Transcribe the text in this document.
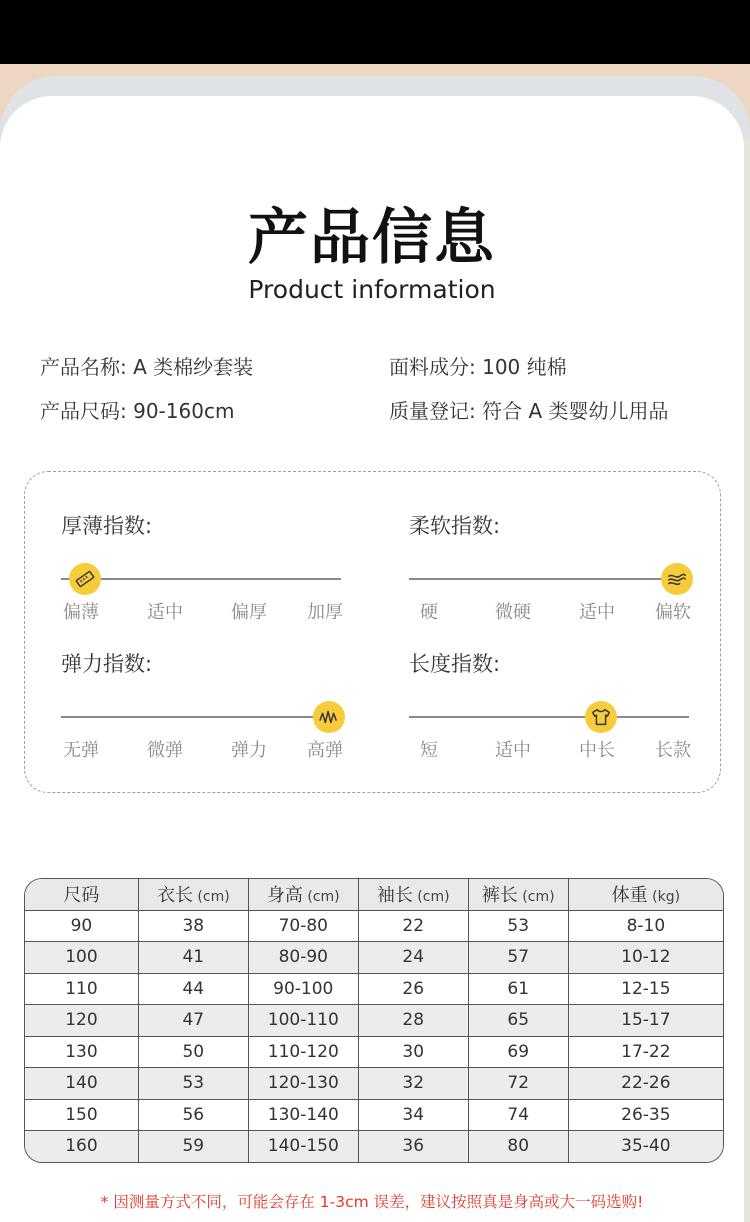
产品信息
Product information
产品名称: A 类棉纱套装	面料成分: 100 纯棉
产品尺码: 90-160cm	质量登记: 符合 A 类婴幼儿用品
厚薄指数:
偏薄	适中	偏厚	加厚
柔软指数:
硬	微硬	适中	偏软
弹力指数:
无弹	微弹	弹力	高弹
长度指数:
短	适中	中长	长款
尺码	衣长 (cm)	身高 (cm)	袖长 (cm)	裤长 (cm)	体重 (kg)
90	38	70-80	22	53	8-10
100	41	80-90	24	57	10-12
110	44	90-100	26	61	12-15
120	47	100-110	28	65	15-17
130	50	110-120	30	69	17-22
140	53	120-130	32	72	22-26
150	56	130-140	34	74	26-35
160	59	140-150	36	80	35-40
* 因测量方式不同，可能会存在 1-3cm 误差，建议按照真是身高或大一码选购!
